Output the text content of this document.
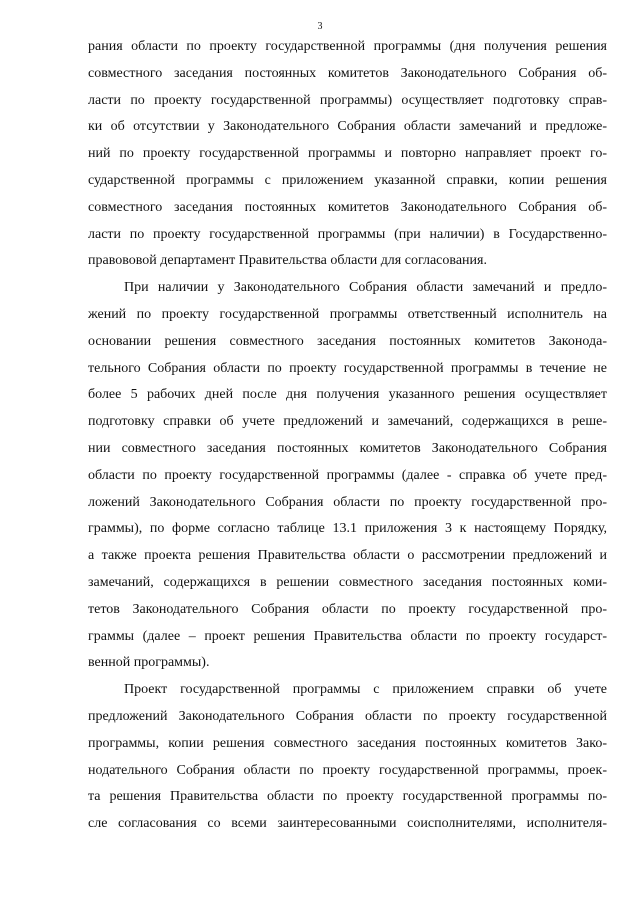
3
рания области по проекту государственной программы (дня получения решения
совместного заседания постоянных комитетов Законодательного Собрания об-
ласти по проекту государственной программы) осуществляет подготовку справ-
ки об отсутствии у Законодательного Собрания области замечаний и предложе-
ний по проекту государственной программы и повторно направляет проект го-
сударственной программы с приложением указанной справки, копии решения
совместного заседания постоянных комитетов Законодательного Собрания об-
ласти по проекту государственной программы (при наличии) в Государственно-
правововой департамент Правительства области для согласования.
При наличии у Законодательного Собрания области замечаний и предло-
жений по проекту государственной программы ответственный исполнитель на
основании решения совместного заседания постоянных комитетов Законода-
тельного Собрания области по проекту государственной программы в течение не
более 5 рабочих дней после дня получения указанного решения осуществляет
подготовку справки об учете предложений и замечаний, содержащихся в реше-
нии совместного заседания постоянных комитетов Законодательного Собрания
области по проекту государственной программы (далее - справка об учете пред-
ложений Законодательного Собрания области по проекту государственной про-
граммы), по форме согласно таблице 13.1 приложения 3 к настоящему Порядку,
а также проекта решения Правительства области о рассмотрении предложений и
замечаний, содержащихся в решении совместного заседания постоянных коми-
тетов Законодательного Собрания области по проекту государственной про-
граммы (далее – проект решения Правительства области по проекту государст-
венной программы).
Проект государственной программы с приложением справки об учете
предложений Законодательного Собрания области по проекту государственной
программы, копии решения совместного заседания постоянных комитетов Зако-
нодательного Собрания области по проекту государственной программы, проек-
та решения Правительства области по проекту государственной программы по-
сле согласования со всеми заинтересованными соисполнителями, исполнителя-
